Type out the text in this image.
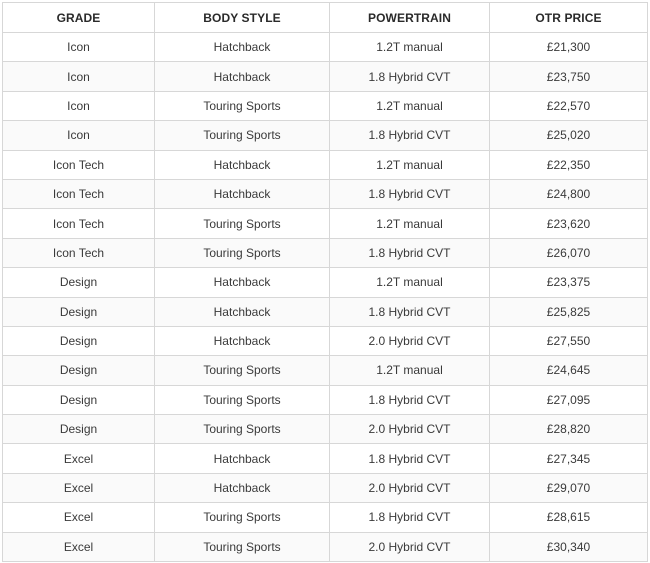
GRADE	BODY STYLE	POWERTRAIN	OTR PRICE
Icon	Hatchback	1.2T manual	£21,300
Icon	Hatchback	1.8 Hybrid CVT	£23,750
Icon	Touring Sports	1.2T manual	£22,570
Icon	Touring Sports	1.8 Hybrid CVT	£25,020
Icon Tech	Hatchback	1.2T manual	£22,350
Icon Tech	Hatchback	1.8 Hybrid CVT	£24,800
Icon Tech	Touring Sports	1.2T manual	£23,620
Icon Tech	Touring Sports	1.8 Hybrid CVT	£26,070
Design	Hatchback	1.2T manual	£23,375
Design	Hatchback	1.8 Hybrid CVT	£25,825
Design	Hatchback	2.0 Hybrid CVT	£27,550
Design	Touring Sports	1.2T manual	£24,645
Design	Touring Sports	1.8 Hybrid CVT	£27,095
Design	Touring Sports	2.0 Hybrid CVT	£28,820
Excel	Hatchback	1.8 Hybrid CVT	£27,345
Excel	Hatchback	2.0 Hybrid CVT	£29,070
Excel	Touring Sports	1.8 Hybrid CVT	£28,615
Excel	Touring Sports	2.0 Hybrid CVT	£30,340
